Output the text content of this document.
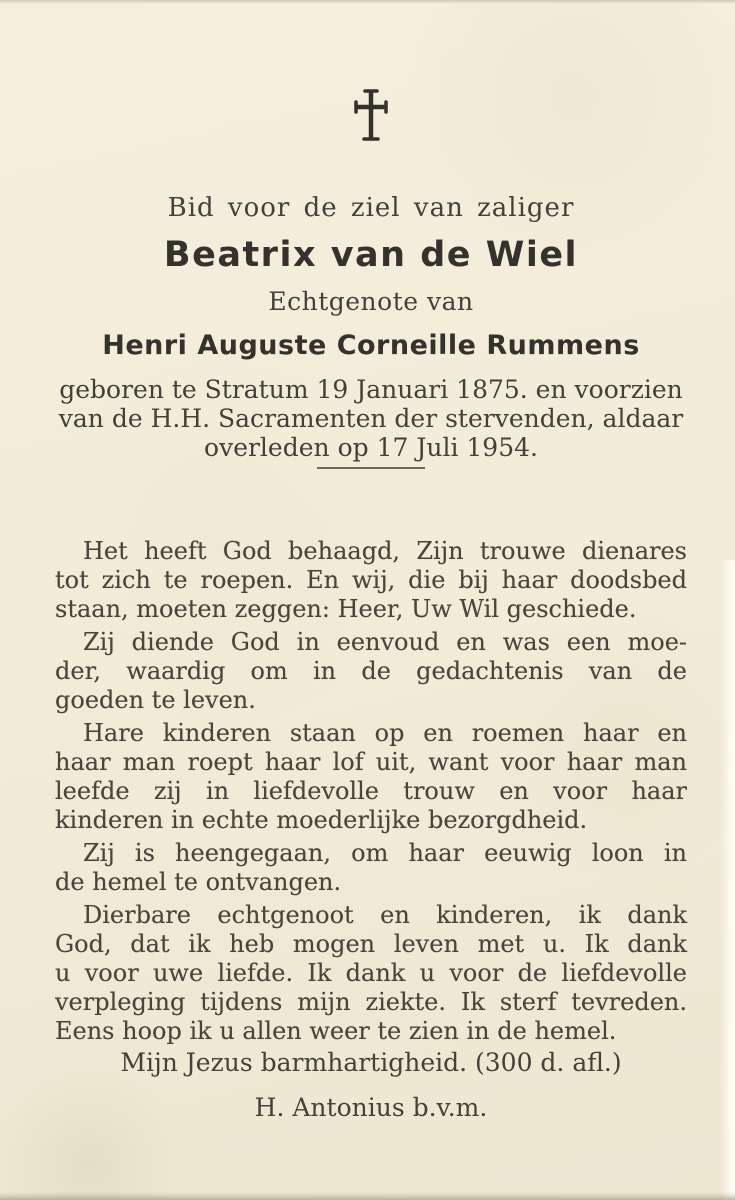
Bid voor de ziel van zaliger
Beatrix van de Wiel
Echtgenote van
Henri Auguste Corneille Rummens
geboren te Stratum 19 Januari 1875. en voorzien
van de H.H. Sacramenten der stervenden, aldaar
overleden op 17 Juli 1954.
Het heeft God behaagd, Zijn trouwe dienares
tot zich te roepen. En wij, die bij haar doodsbed
staan, moeten zeggen: Heer, Uw Wil geschiede.
Zij diende God in eenvoud en was een moe-
der, waardig om in de gedachtenis van de
goeden te leven.
Hare kinderen staan op en roemen haar en
haar man roept haar lof uit, want voor haar man
leefde zij in liefdevolle trouw en voor haar
kinderen in echte moederlijke bezorgdheid.
Zij is heengegaan, om haar eeuwig loon in
de hemel te ontvangen.
Dierbare echtgenoot en kinderen, ik dank
God, dat ik heb mogen leven met u. Ik dank
u voor uwe liefde. Ik dank u voor de liefdevolle
verpleging tijdens mijn ziekte. Ik sterf tevreden.
Eens hoop ik u allen weer te zien in de hemel.
Mijn Jezus barmhartigheid. (300 d. afl.)
H. Antonius b.v.m.
